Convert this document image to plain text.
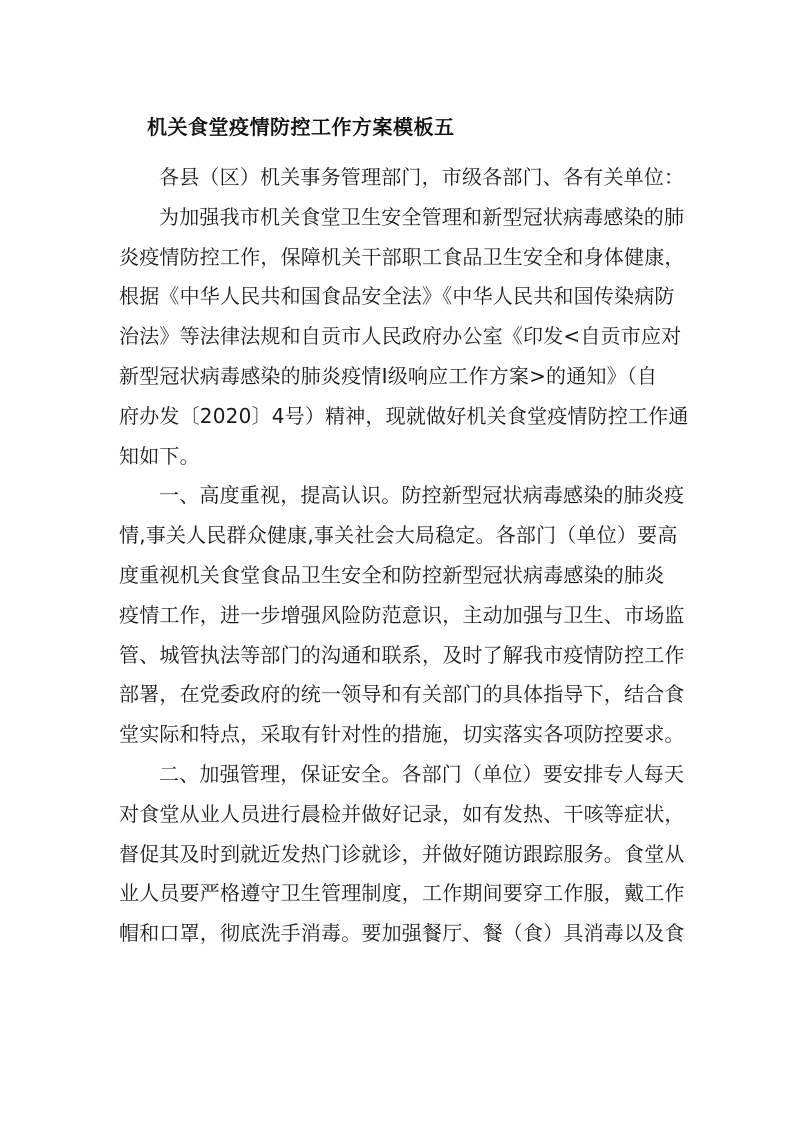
机关食堂疫情防控工作方案模板五

各县（区）机关事务管理部门，市级各部门、各有关单位：

为加强我市机关食堂卫生安全管理和新型冠状病毒感染的肺
炎疫情防控工作，保障机关干部职工食品卫生安全和身体健康，
根据《中华人民共和国食品安全法》《中华人民共和国传染病防
治法》等法律法规和自贡市人民政府办公室《印发<自贡市应对
新型冠状病毒感染的肺炎疫情Ⅰ级响应工作方案>的通知》（自
府办发〔2020〕4号）精神，现就做好机关食堂疫情防控工作通
知如下。

一、高度重视，提高认识。防控新型冠状病毒感染的肺炎疫
情,事关人民群众健康,事关社会大局稳定。各部门（单位）要高
度重视机关食堂食品卫生安全和防控新型冠状病毒感染的肺炎
疫情工作，进一步增强风险防范意识，主动加强与卫生、市场监
管、城管执法等部门的沟通和联系，及时了解我市疫情防控工作
部署，在党委政府的统一领导和有关部门的具体指导下，结合食
堂实际和特点，采取有针对性的措施，切实落实各项防控要求。

二、加强管理，保证安全。各部门（单位）要安排专人每天
对食堂从业人员进行晨检并做好记录，如有发热、干咳等症状，
督促其及时到就近发热门诊就诊，并做好随访跟踪服务。食堂从
业人员要严格遵守卫生管理制度，工作期间要穿工作服，戴工作
帽和口罩，彻底洗手消毒。要加强餐厅、餐（食）具消毒以及食
